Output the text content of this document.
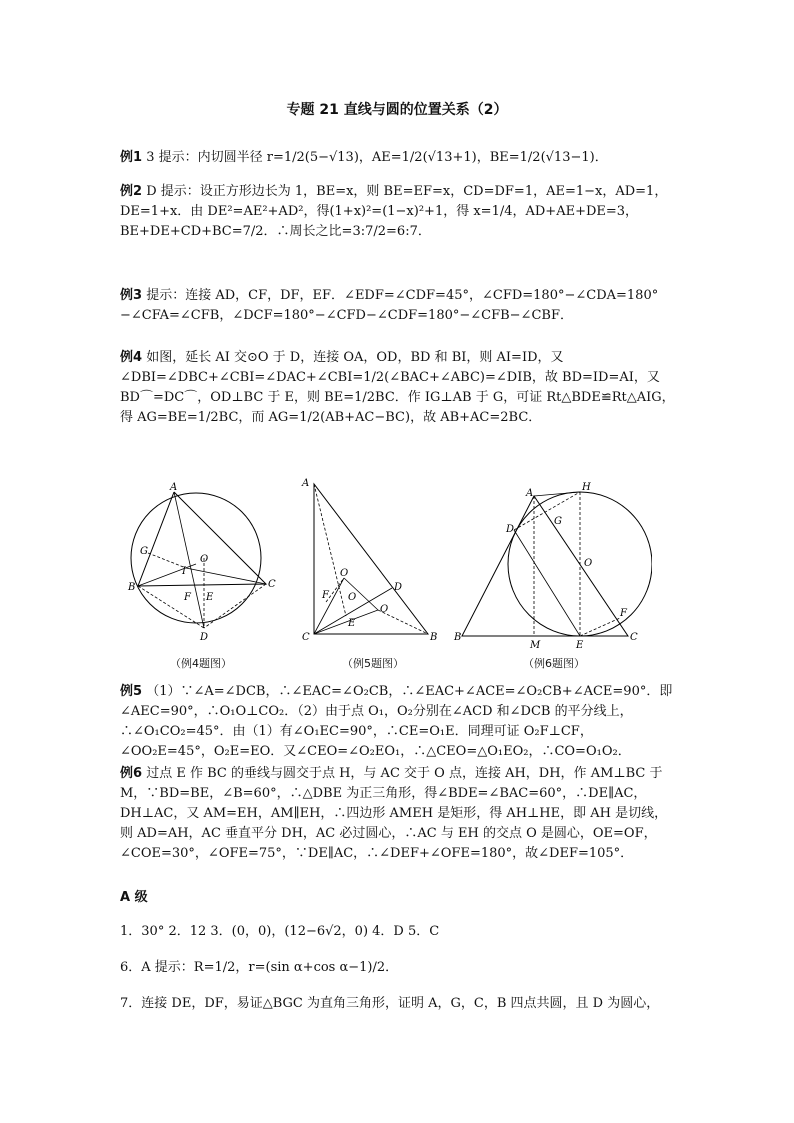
专题 21 直线与圆的位置关系（2）
例1 3 提示：内切圆半径 r=1/2(5−√13)，AE=1/2(√13+1)，BE=1/2(√13−1)．
例2 D 提示：设正方形边长为 1，BE=x，则 BE=EF=x，CD=DF=1，AE=1−x，AD=1，DE=1+x．由 DE²=AE²+AD²，得(1+x)²=(1−x)²+1，得 x=1/4，AD+AE+DE=3，BE+DE+CD+BC=7/2．∴周长之比=3:7/2=6:7．
例3 提示：连接 AD，CF，DF，EF．∠EDF=∠CDF=45°，∠CFD=180°−∠CDA=180°−∠CFA=∠CFB，∠DCF=180°−∠CFD−∠CDF=180°−∠CFB−∠CBF．
例4 如图，延长 AI 交⊙O 于 D，连接 OA，OD，BD 和 BI，则 AI=ID，又∠DBI=∠DBC+∠CBI=∠DAC+∠CBI=1/2(∠BAC+∠ABC)=∠DIB，故 BD=ID=AI，又 BD⌒=DC⌒，OD⊥BC 于 E，则 BE=1/2BC．作 IG⊥AB 于 G，可证 Rt△BDE≌Rt△AIG，得 AG=BE=1/2BC，而 AG=1/2(AB+AC−BC)，故 AB+AC=2BC．
A
B	C
D
G
O
I
F E
（例4题图）
A
C	B
D
O
O
O
F
E
（例5题图）
A
H
G
D
O
F
B	C
M	E
（例6题图）
例5 （1）∵∠A=∠DCB，∴∠EAC=∠O₂CB，∴∠EAC+∠ACE=∠O₂CB+∠ACE=90°．即∠AEC=90°，∴O₁O⊥CO₂．（2）由于点 O₁，O₂分别在∠ACD 和∠DCB 的平分线上，∴∠O₁CO₂=45°．由（1）有∠O₁EC=90°，∴CE=O₁E．同理可证 O₂F⊥CF，∠OO₂E=45°，O₂E=EO．又∠CEO=∠O₂EO₁，∴△CEO=△O₁EO₂，∴CO=O₁O₂．
例6 过点 E 作 BC 的垂线与圆交于点 H，与 AC 交于 O 点，连接 AH，DH，作 AM⊥BC 于 M，∵BD=BE，∠B=60°，∴△DBE 为正三角形，得∠BDE=∠BAC=60°，∴DE∥AC，DH⊥AC，又 AM=EH，AM∥EH，∴四边形 AMEH 是矩形，得 AH⊥HE，即 AH 是切线，则 AD=AH，AC 垂直平分 DH，AC 必过圆心，∴AC 与 EH 的交点 O 是圆心，OE=OF，∠COE=30°，∠OFE=75°，∵DE∥AC，∴∠DEF+∠OFE=180°，故∠DEF=105°．
A 级
1．30° 2．12 3．(0，0)，(12−6√2，0) 4．D 5．C
6．A 提示：R=1/2，r=(sin α+cos α−1)/2．
7．连接 DE，DF，易证△BGC 为直角三角形，证明 A，G，C，B 四点共圆，且 D 为圆心，
